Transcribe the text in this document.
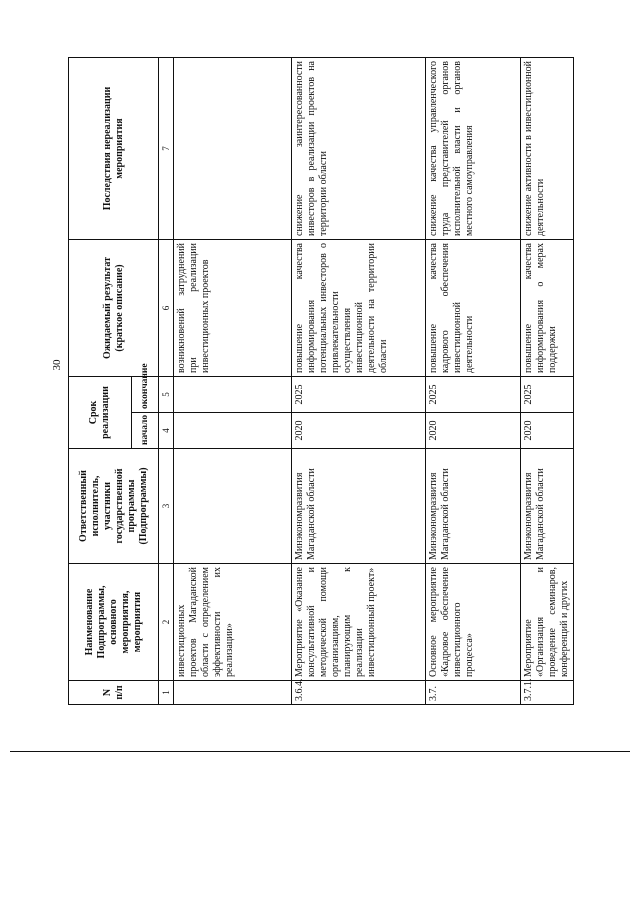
30
N п/п	Наименование Подпрограммы, основного мероприятия, мероприятия	Ответственный исполнитель, участники государственной программы (Подпрограммы)	Срок реализации		Ожидаемый результат (краткое описание)	Последствия нереализации мероприятия
			начало	окончание		
1	2	3	4	5	6	7
	инвестиционных проектов Магаданской области с определением эффективности их реализации»				возникновений затруднений при реализации инвестиционных проектов	
3.6.4.	Мероприятие «Оказание консультативной и методической помощи организациям, планирующим к реализации инвестиционный проект»	Минэкономразвития Магаданской области	2020	2025	повышение качества информирования потенциальных инвесторов о привлекательности осуществления инвестиционной деятельности на территории области	снижение заинтересованности инвесторов в реализации проектов на территории области
3.7.	Основное мероприятие «Кадровое обеспечение инвестиционного процесса»	Минэкономразвития Магаданской области	2020	2025	повышение качества кадрового обеспечения инвестиционной деятельности	снижение качества управленческого труда представителей органов исполнительной власти и органов местного самоуправления
3.7.1.	Мероприятие «Организация и проведение семинаров, конференций и других	Минэкономразвития Магаданской области	2020	2025	повышение качества информирования о мерах поддержки	снижение активности в инвестиционной деятельности
